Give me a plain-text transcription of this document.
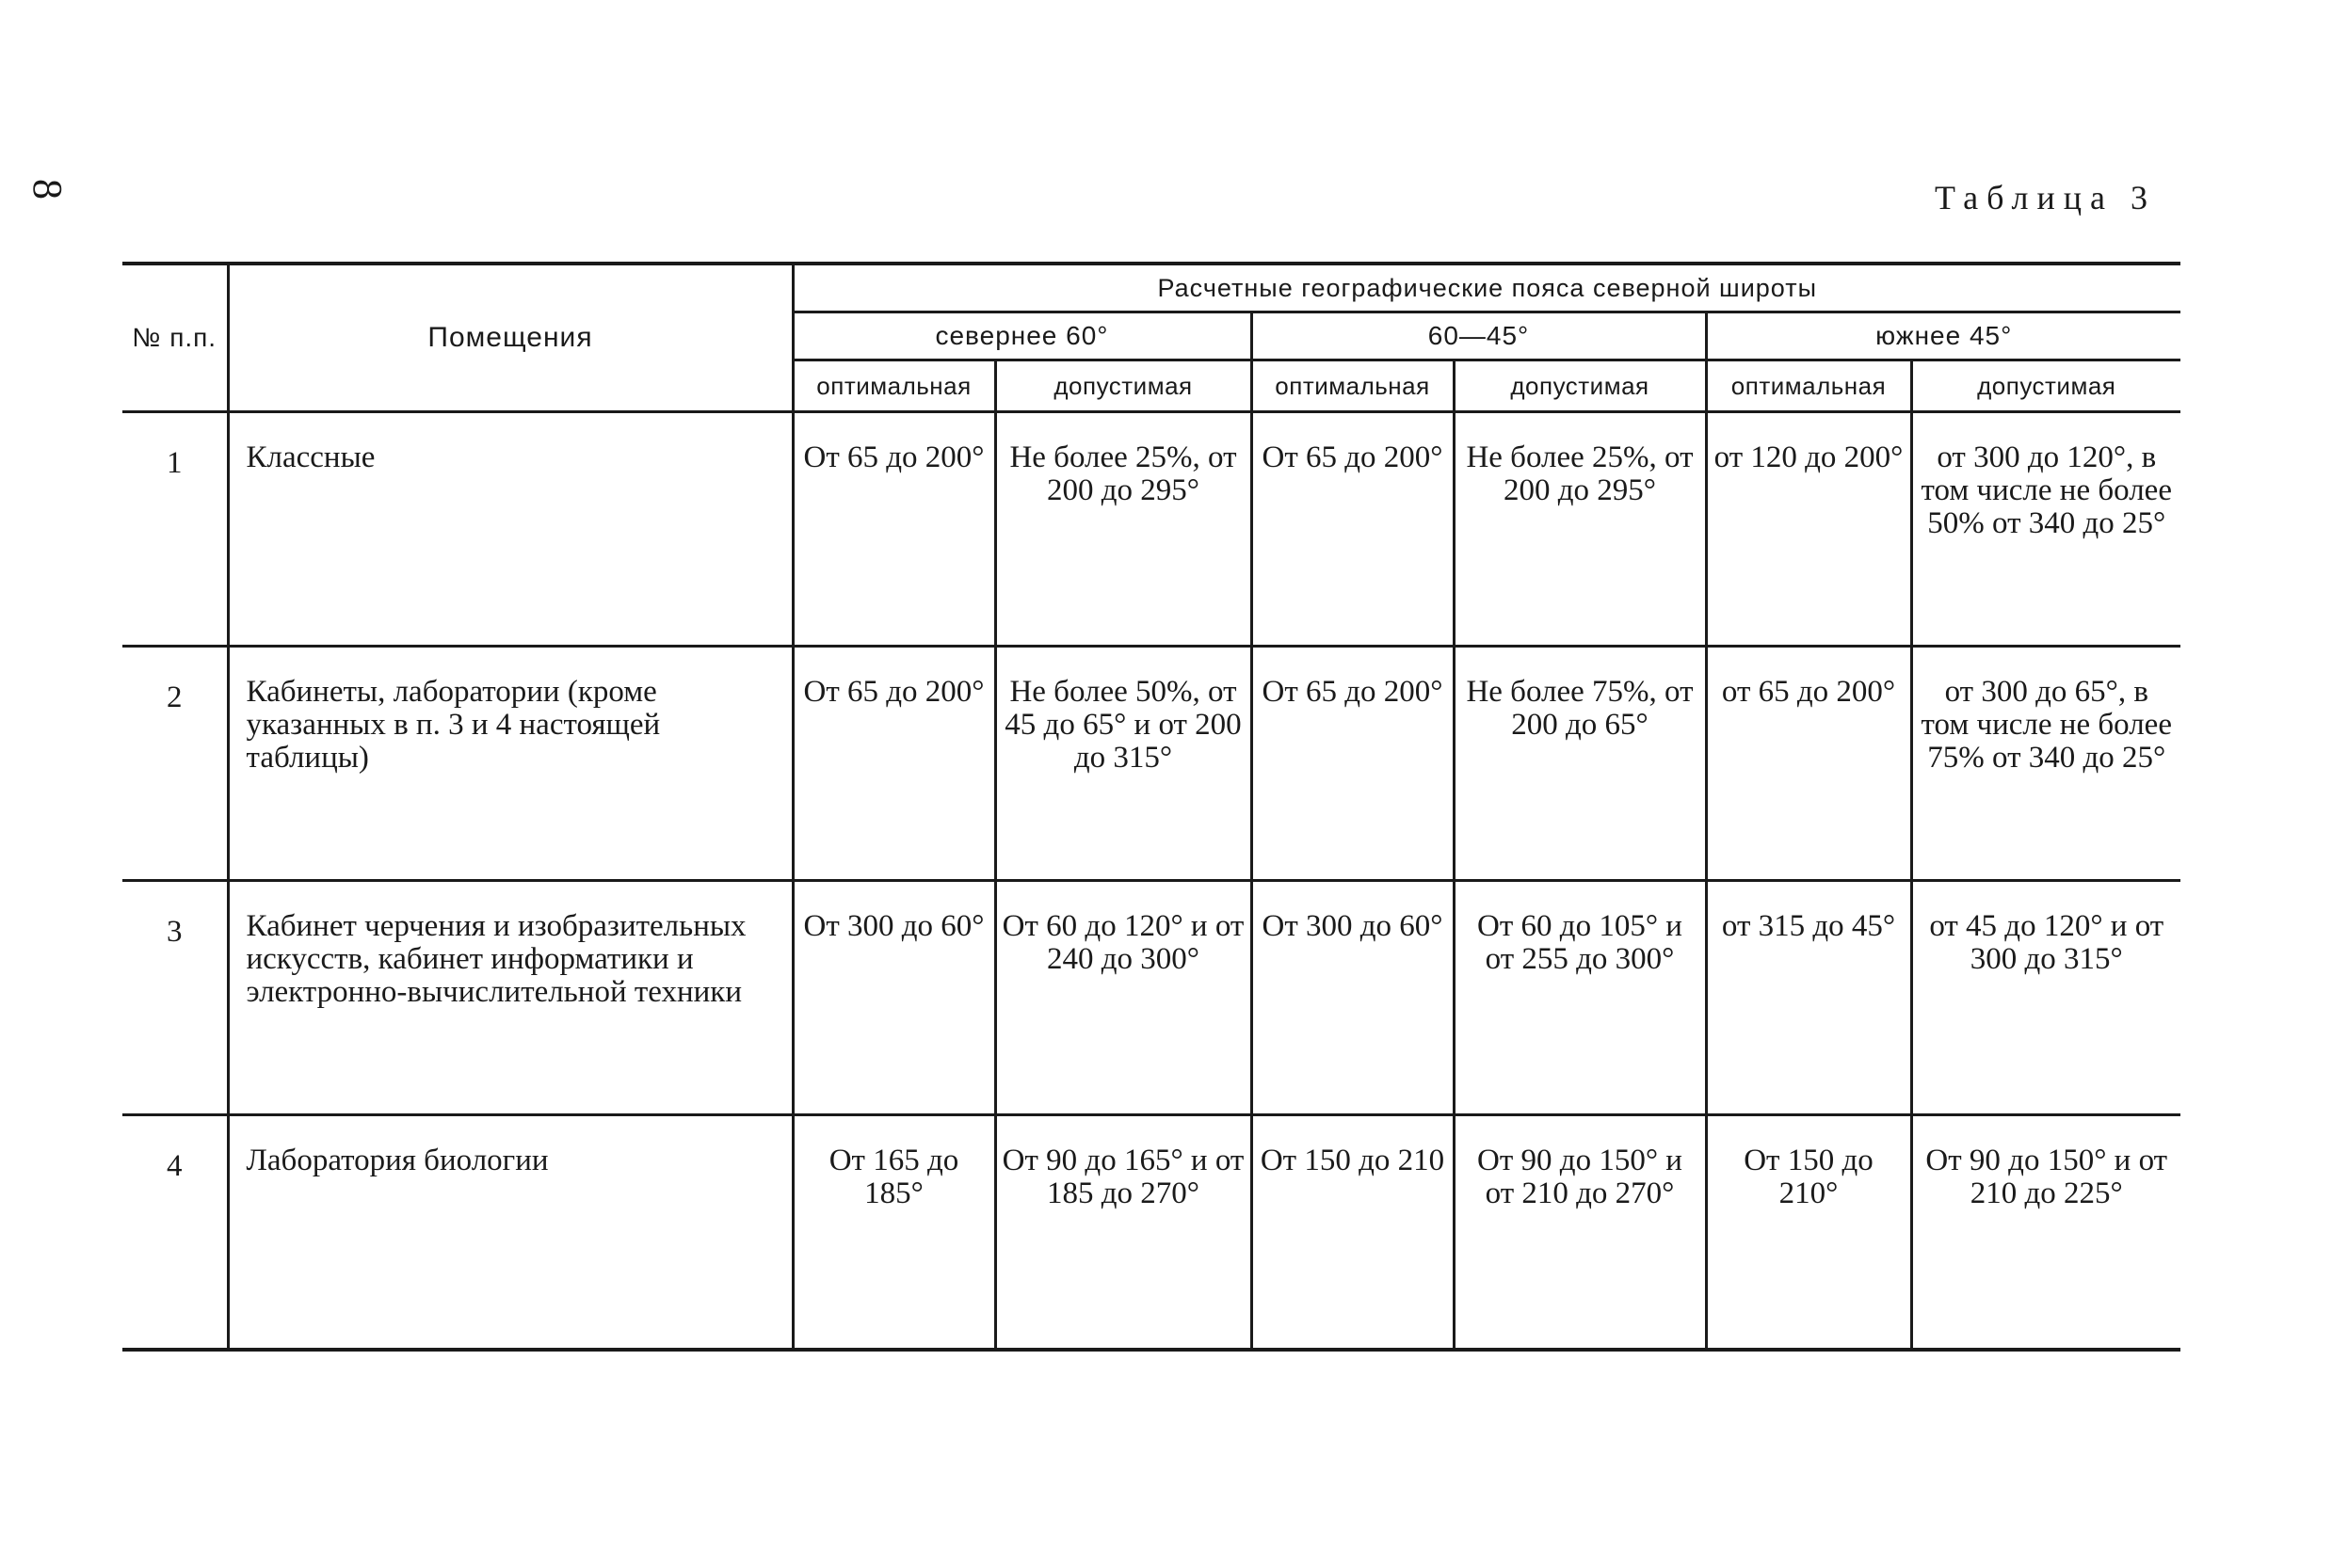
8	Таблица 3
№ п.п.	Помещения	Расчетные географические пояса северной широты					
		севернее 60°		60—45°		южнее 45°	
		оптимальная	допустимая	оптимальная	допустимая	оптимальная	допустимая
1	Классные	От 65 до 200°	Не более 25%, от 200 до 295°	От 65 до 200°	Не более 25%, от 200 до 295°	от 120 до 200°	от 300 до 120°, в том числе не более 50% от 340 до 25°
2	Кабинеты, лаборатории (кроме указанных в п. 3 и 4 настоящей таблицы)	От 65 до 200°	Не более 50%, от 45 до 65° и от 200 до 315°	От 65 до 200°	Не более 75%, от 200 до 65°	от 65 до 200°	от 300 до 65°, в том числе не более 75% от 340 до 25°
3	Кабинет черчения и изобразительных искусств, кабинет информатики и электронно-вычислительной техники	От 300 до 60°	От 60 до 120° и от 240 до 300°	От 300 до 60°	От 60 до 105° и от 255 до 300°	от 315 до 45°	от 45 до 120° и от 300 до 315°
4	Лаборатория биологии	От 165 до 185°	От 90 до 165° и от 185 до 270°	От 150 до 210	От 90 до 150° и от 210 до 270°	От 150 до 210°	От 90 до 150° и от 210 до 225°
